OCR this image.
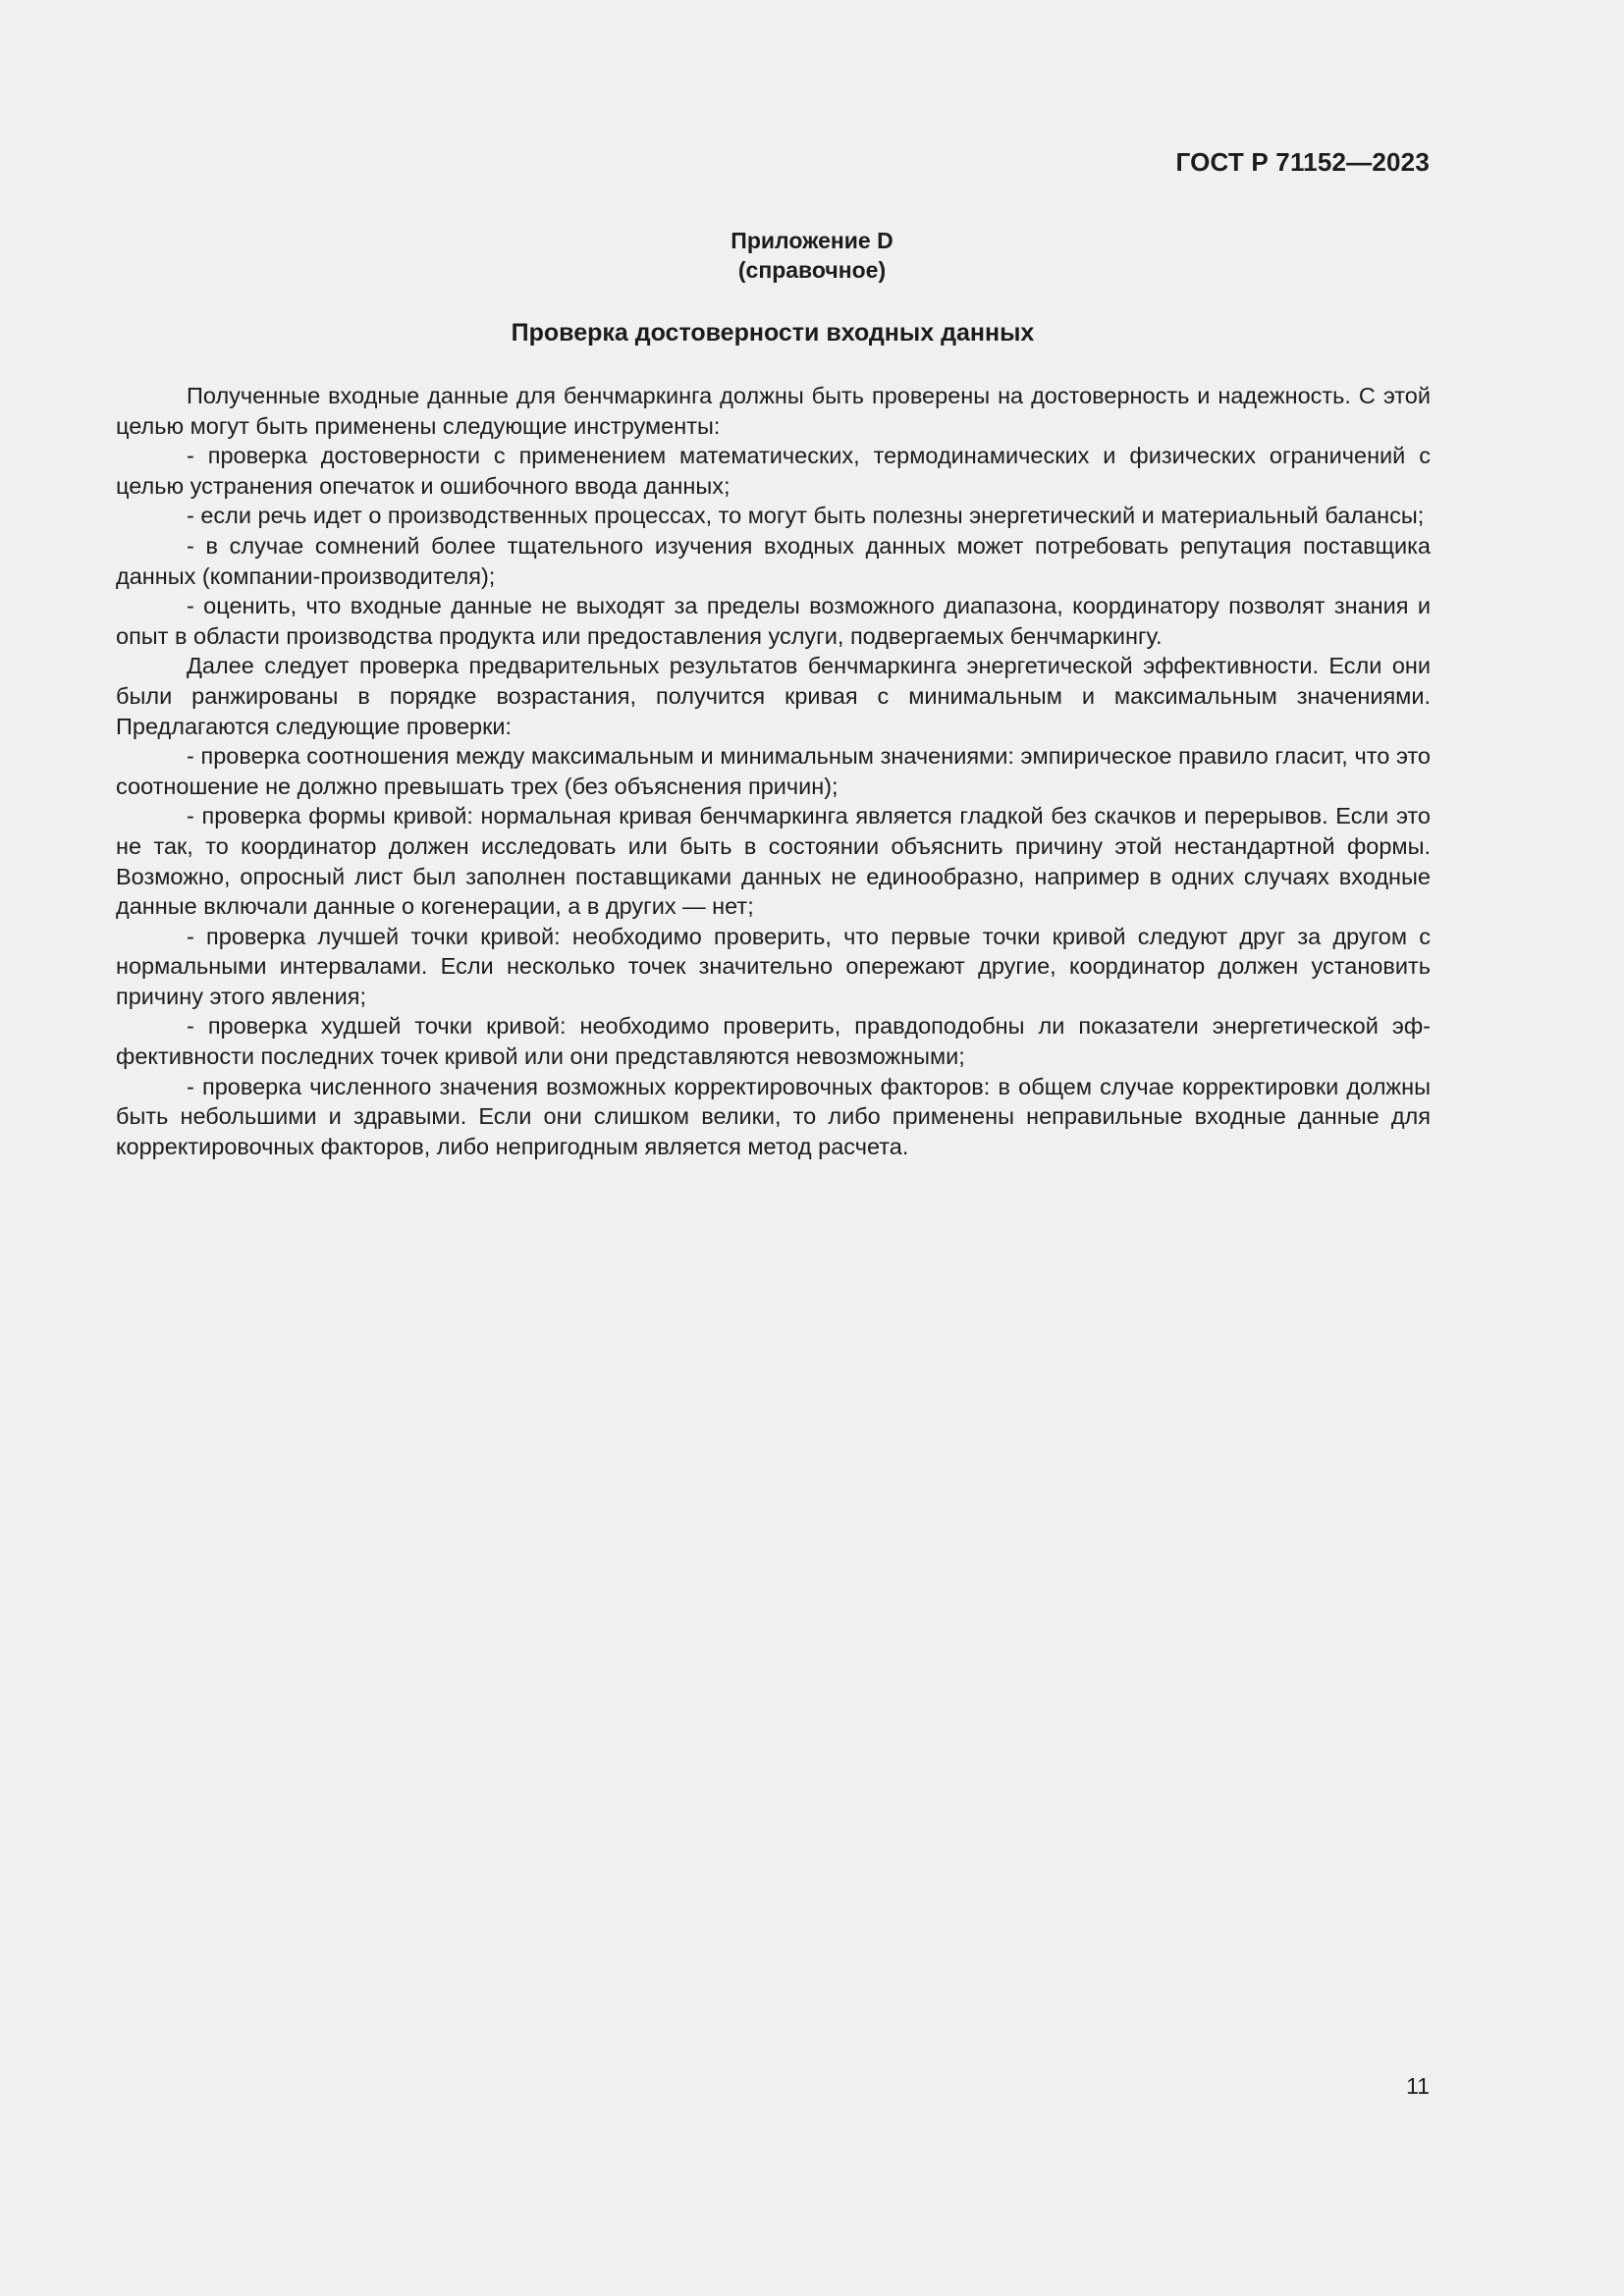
ГОСТ Р 71152—2023
Приложение D
(справочное)
Проверка достоверности входных данных

Полученные входные данные для бенчмаркинга должны быть проверены на достоверность и надежность. С этой целью могут быть применены следующие инструменты:

- проверка достоверности с применением математических, термодинамических и физических ограничений с целью устранения опечаток и ошибочного ввода данных;

- если речь идет о производственных процессах, то могут быть полезны энергетический и материальный балансы;

- в случае сомнений более тщательного изучения входных данных может потребовать репутация поставщика данных (компании-производителя);

- оценить, что входные данные не выходят за пределы возможного диапазона, координатору позволят знания и опыт в области производства продукта или предоставления услуги, подвергаемых бенчмаркингу.

Далее следует проверка предварительных результатов бенчмаркинга энергетической эффективности. Если они были ранжированы в порядке возрастания, получится кривая с минимальным и максимальным значениями. Предлагаются следующие проверки:

- проверка соотношения между максимальным и минимальным значениями: эмпирическое правило гласит, что это соотношение не должно превышать трех (без объяснения причин);

- проверка формы кривой: нормальная кривая бенчмаркинга является гладкой без скачков и перерывов. Если это не так, то координатор должен исследовать или быть в состоянии объяснить причину этой нестандартной формы. Возможно, опросный лист был заполнен поставщиками данных не единообразно, например в одних случаях входные данные включали данные о когенерации, а в других — нет;

- проверка лучшей точки кривой: необходимо проверить, что первые точки кривой следуют друг за другом с нормальными интервалами. Если несколько точек значительно опережают другие, координатор должен установить причину этого явления;

- проверка худшей точки кривой: необходимо проверить, правдоподобны ли показатели энергетической эффективности последних точек кривой или они представляются невозможными;

- проверка численного значения возможных корректировочных факторов: в общем случае корректировки должны быть небольшими и здравыми. Если они слишком велики, то либо применены неправильные входные данные для корректировочных факторов, либо непригодным является метод расчета.

11
